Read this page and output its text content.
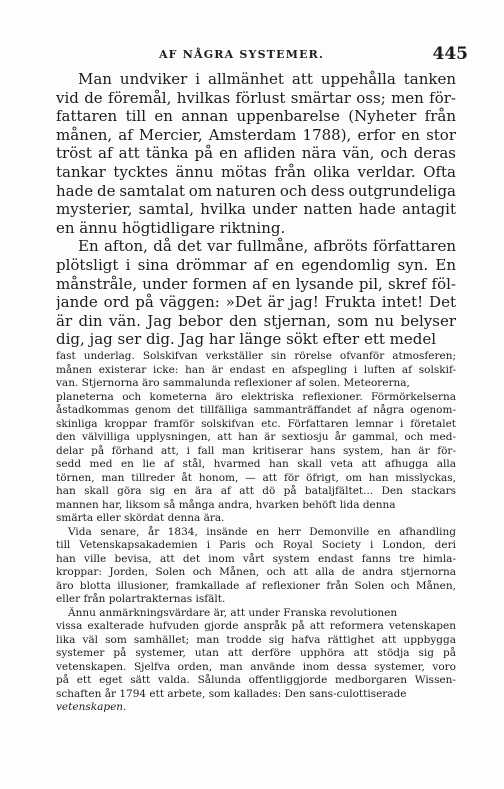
AF NÅGRA SYSTEMER.	445
Man undviker i allmänhet att uppehålla tanken
vid de föremål, hvilkas förlust smärtar oss; men för-
fattaren till en annan uppenbarelse (Nyheter från
månen, af Mercier, Amsterdam 1788), erfor en stor
tröst af att tänka på en afliden nära vän, och deras
tankar tycktes ännu mötas från olika verldar. Ofta
hade de samtalat om naturen och dess outgrundeliga
mysterier, samtal, hvilka under natten hade antagit
en ännu högtidligare riktning.
En afton, då det var fullmåne, afbröts författaren
plötsligt i sina drömmar af en egendomlig syn. En
månstråle, under formen af en lysande pil, skref föl-
jande ord på väggen: »Det är jag! Frukta intet! Det
är din vän. Jag bebor den stjernan, som nu belyser
dig, jag ser dig. Jag har länge sökt efter ett medel
fast underlag. Solskifvan verkställer sin rörelse ofvanför atmosferen;
månen existerar icke: han är endast en afspegling i luften af solskif-
van. Stjernorna äro sammalunda reflexioner af solen. Meteorerna,
planeterna och kometerna äro elektriska reflexioner. Förmörkelserna
åstadkommas genom det tillfälliga sammanträffandet af några ogenom-
skinliga kroppar framför solskifvan etc. Författaren lemnar i företalet
den välvilliga upplysningen, att han är sextiosju år gammal, och med-
delar på förhand att, i fall man kritiserar hans system, han är för-
sedd med en lie af stål, hvarmed han skall veta att afhugga alla
törnen, man tillreder åt honom, — att för öfrigt, om han misslyckas,
han skall göra sig en ära af att dö på bataljfältet... Den stackars
mannen har, liksom så många andra, hvarken behöft lida denna
smärta eller skördat denna ära.
Vida senare, år 1834, insände en herr Demonville en afhandling
till Vetenskapsakademien i Paris och Royal Society i London, deri
han ville bevisa, att det inom vårt system endast fanns tre himla-
kroppar: Jorden, Solen och Månen, och att alla de andra stjernorna
äro blotta illusioner, framkallade af reflexioner från Solen och Månen,
eller från polartrakternas isfält.
Ännu anmärkningsvärdare är, att under Franska revolutionen
vissa exalterade hufvuden gjorde anspråk på att reformera vetenskapen
lika väl som samhället; man trodde sig hafva rättighet att uppbygga
systemer på systemer, utan att derföre upphöra att stödja sig på
vetenskapen. Sjelfva orden, man använde inom dessa systemer, voro
på ett eget sätt valda. Sålunda offentliggjorde medborgaren Wissen-
schaften år 1794 ett arbete, som kallades: Den sans-culottiserade
vetenskapen.
